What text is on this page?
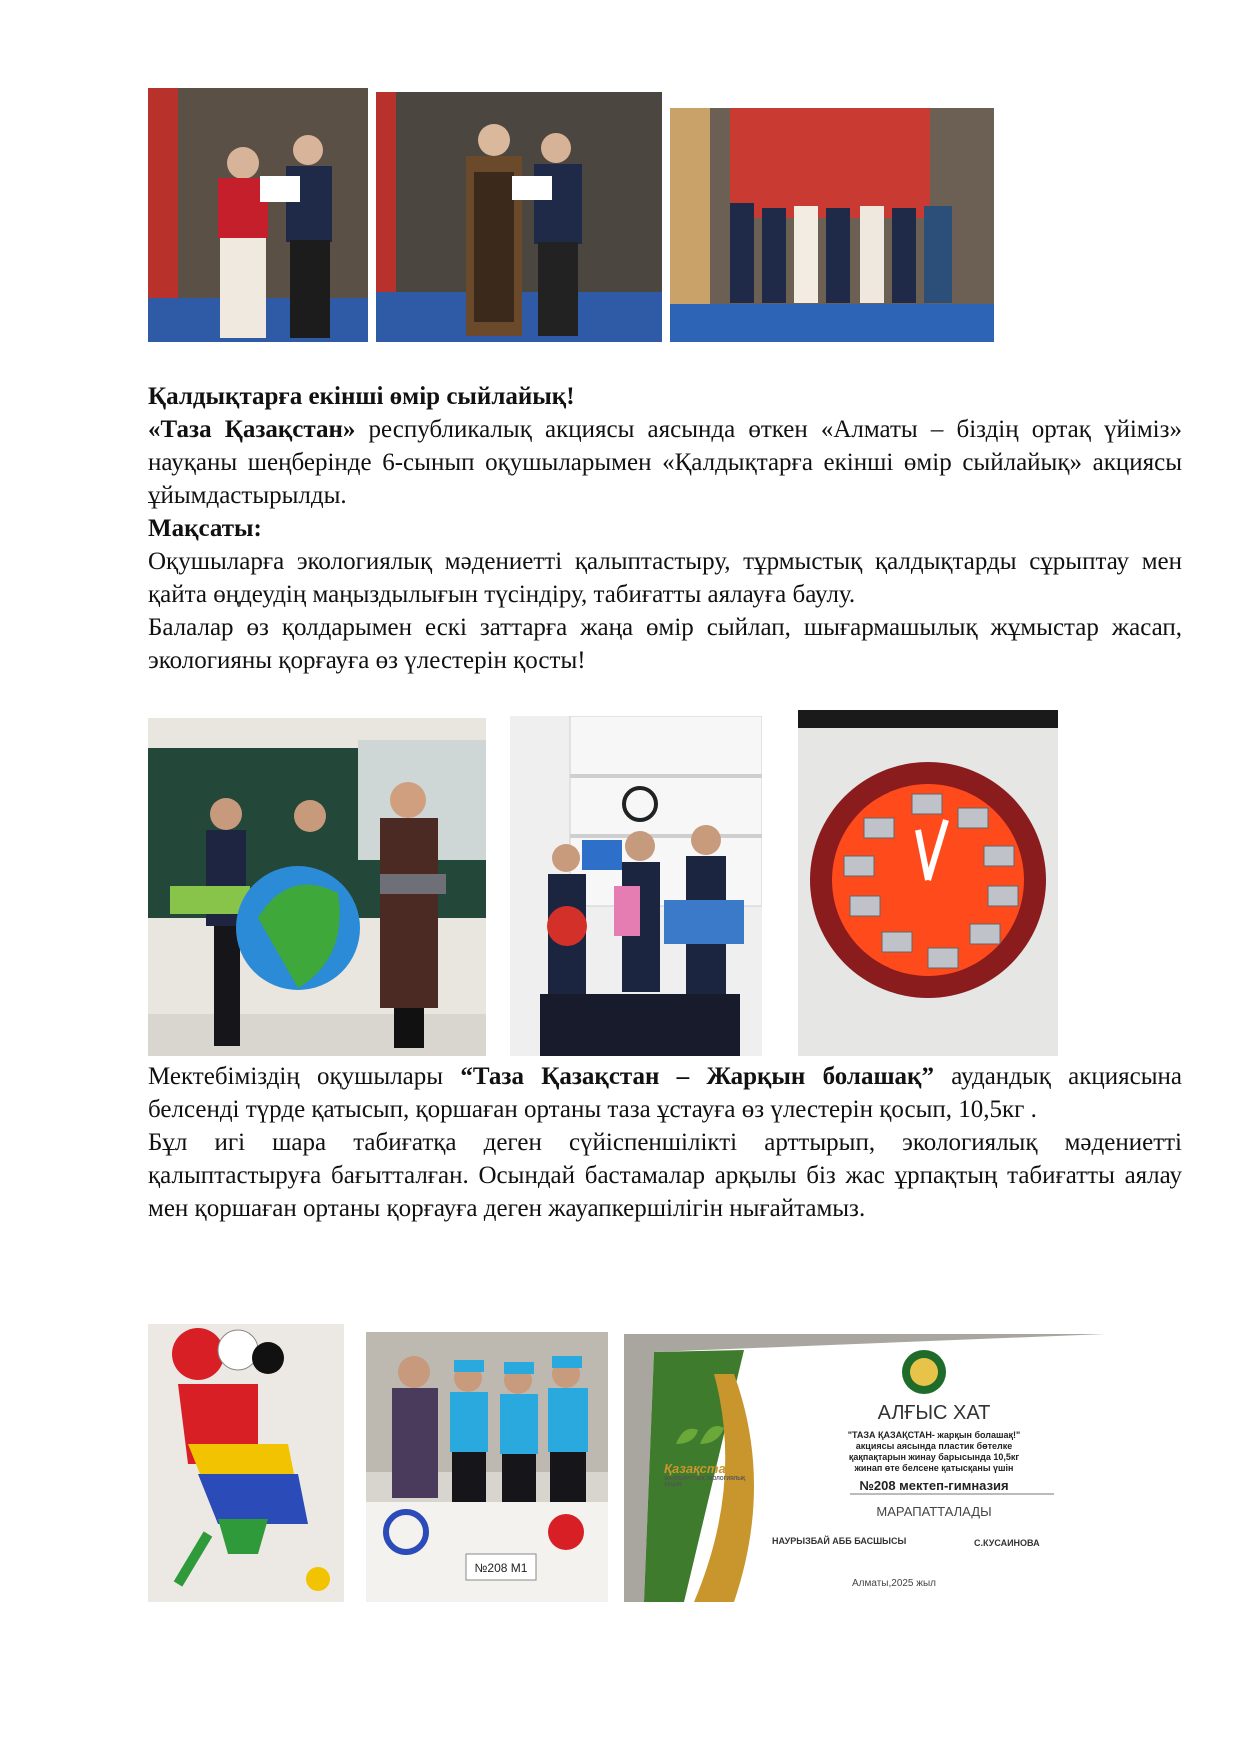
Қалдықтарға екінші өмір сыйлайық!

«Таза Қазақстан» республикалық акциясы аясында өткен «Алматы – біздің ортақ үйіміз» науқаны шеңберінде 6-сынып оқушыларымен «Қалдықтарға екінші өмір сыйлайық» акциясы ұйымдастырылды.

Мақсаты:

Оқушыларға экологиялық мәдениетті қалыптастыру, тұрмыстық қалдықтарды сұрыптау мен қайта өңдеудің маңыздылығын түсіндіру, табиғатты аялауға баулу.

Балалар өз қолдарымен ескі заттарға жаңа өмір сыйлап, шығармашылық жұмыстар жасап, экологияны қорғауға өз үлестерін қосты!

Мектебіміздің оқушылары “Таза Қазақстан – Жарқын болашақ” аудандық акциясына белсенді түрде қатысып, қоршаған ортаны таза ұстауға өз үлестерін қосып, 10,5кг .

Бұл игі шара табиғатқа деген сүйіспеншілікті арттырып, экологиялық мәдениетті қалыптастыруға бағытталған. Осындай бастамалар арқылы біз жас ұрпақтың табиғатты аялау мен қоршаған ортаны қорғауға деген жауапкершілігін нығайтамыз.

№208 М1
АЛҒЫС ХАТ
"ТАЗА ҚАЗАҚСТАН- жарқын болашақ!"
акциясы аясында пластик бөтелке
қақпақтарын жинау барысында 10,5кг
жинап өте белсене қатысқаны үшін
№208 мектеп-гимназия
МАРАПАТТАЛАДЫ
НАУРЫЗБАЙ АББ БАСШЫСЫ	С.КУСАИНОВА
Алматы,2025 жыл
Таза
Қазақстан
ЖАЛПЫҰЛТТЫҚ ЭКОЛОГИЯЛЫҚ АКЦИЯ
